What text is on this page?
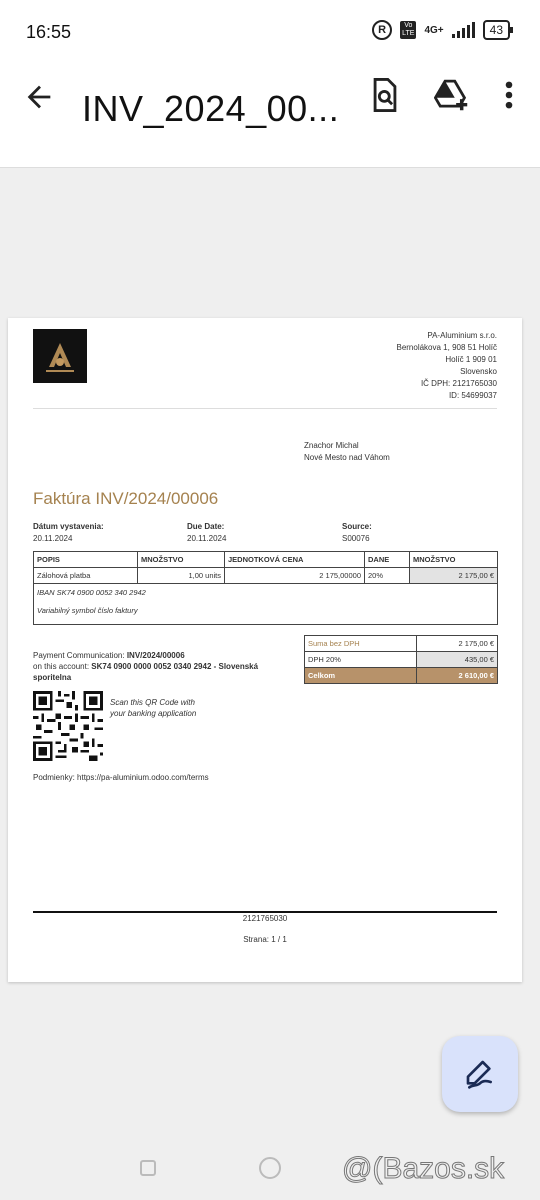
16:55	R	Vo
LTE 4G+	43
INV_2024_00...
PA-Aluminium s.r.o.
Bernolákova 1, 908 51 Holíč
Holíč 1 909 01
Slovensko
IČ DPH: 2121765030
ID: 54699037
Znachor Michal
Nové Mesto nad Váhom
Faktúra INV/2024/00006
Dátum vystavenia:
20.11.2024
Due Date:
20.11.2024
Source:
S00076
POPIS	MNOŽSTVO	JEDNOTKOVÁ CENA	DANE	MNOŽSTVO
Zálohová platba	1,00 units	2 175,00000	20%	2 175,00 €
IBAN SK74 0900 0052 340 2942
Variabilný symbol číslo faktury
Suma bez DPH	2 175,00 €
DPH 20%	435,00 €
Celkom	2 610,00 €
Payment Communication: INV/2024/00006
on this account: SK74 0900 0000 0052 0340 2942 - Slovenská sporitelna
Scan this QR Code with
your banking application
Podmienky: https://pa-aluminium.odoo.com/terms
2121765030
Strana: 1 / 1
@(Bazos.sk
